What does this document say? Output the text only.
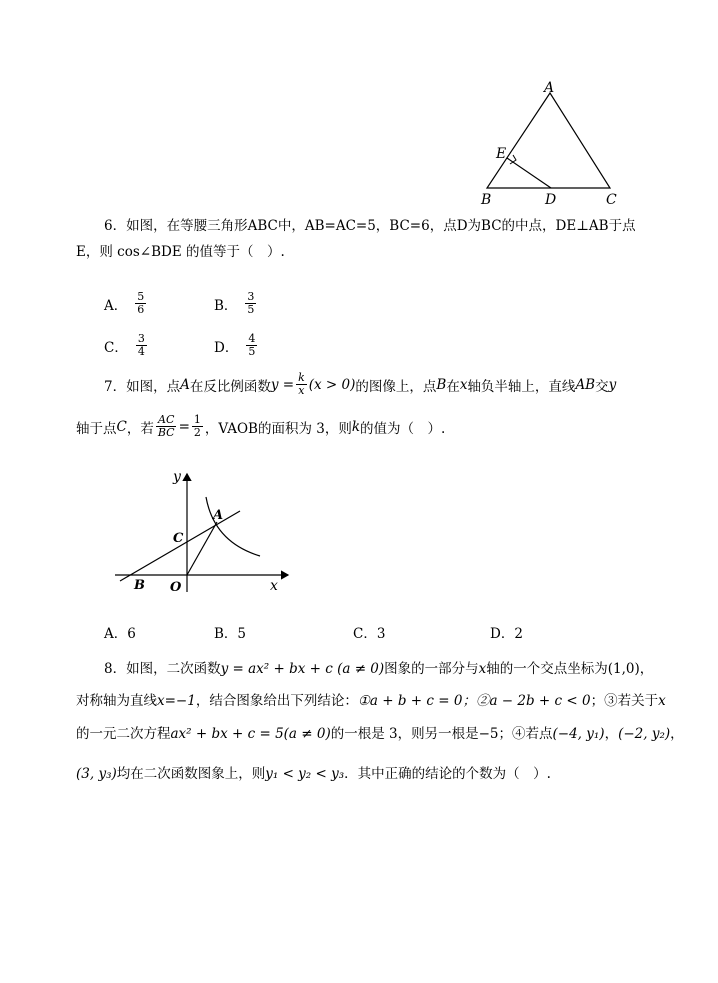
A
E
B	D	C
6．如图，在等腰三角形ABC中，AB=AC=5，BC=6，点D为BC的中点，DE⊥AB于点
E，则 cos∠BDE 的值等于（　）.
A． $\frac{5}{6}$	B． $\frac{3}{5}$
C． $\frac{3}{4}$	D． $\frac{4}{5}$
7．如图，点 A 在反比例函数 $y = \frac{k}{x} (x > 0)$ 的图像上，点 B 在 x 轴负半轴上，直线 AB 交 y
轴于点 C ，若 $\frac{AC}{BC} = \frac{1}{2}$ ，VAOB的面积为 3，则 k 的值为（　）.
y
x
A
C
B O
A．6	B．5	C．3	D．2
8．如图，二次函数y = ax² + bx + c (a ≠ 0)图象的一部分与x轴的一个交点坐标为(1,0)，
对称轴为直线x=−1，结合图象给出下列结论：①a + b + c = 0；②a − 2b + c < 0；③若关于x
的一元二次方程ax² + bx + c = 5(a ≠ 0)的一根是 3，则另一根是−5；④若点(−4, y₁)，(−2, y₂)，
(3, y₃)均在二次函数图象上，则y₁ < y₂ < y₃．其中正确的结论的个数为（　）.
